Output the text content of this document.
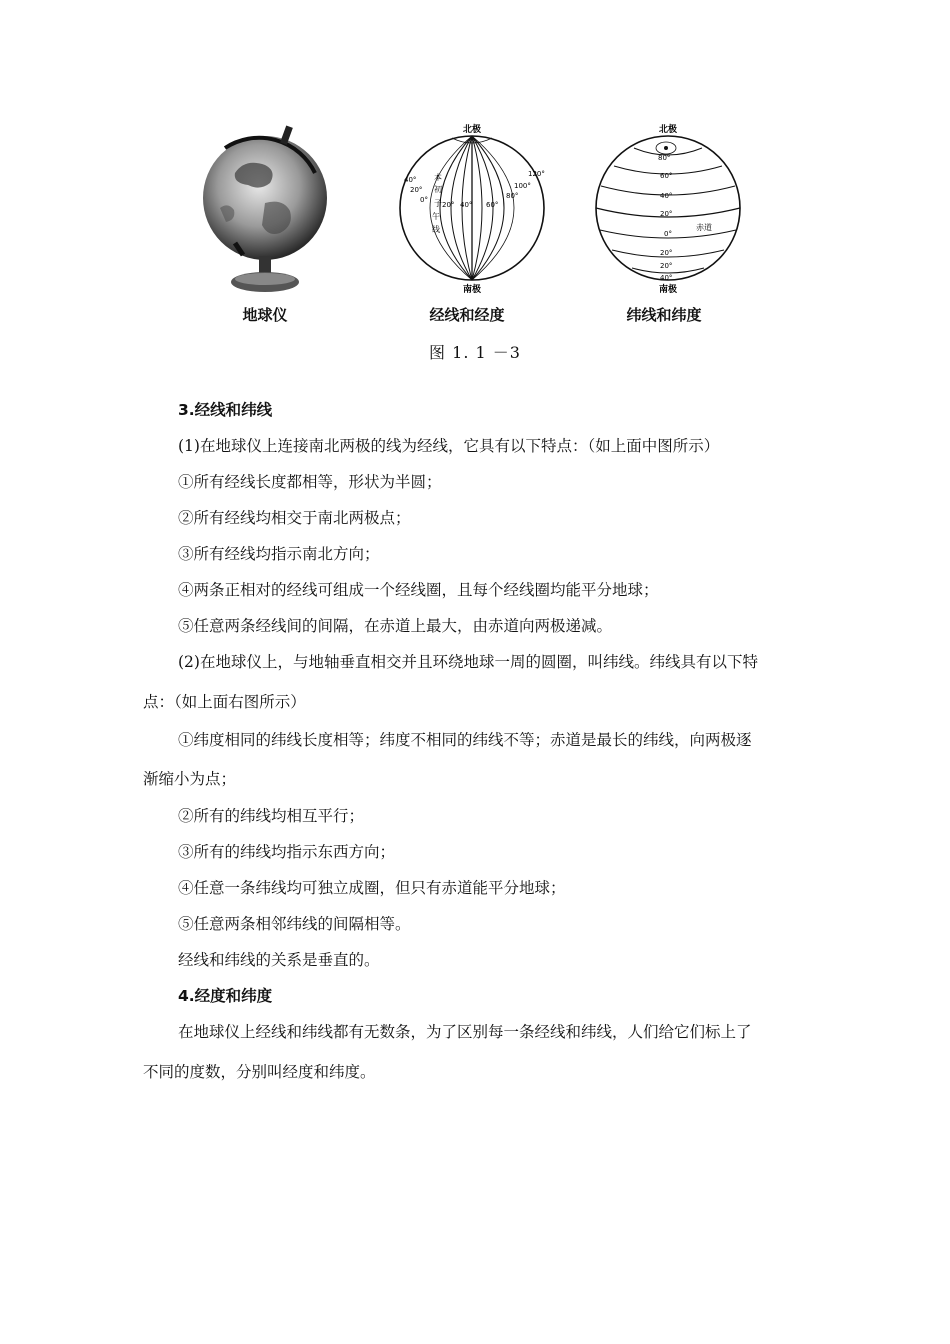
北极
40°
20°
0°
本
初
子
午
线
20° 40° 60°
80°
100°
120°
南极
北极
80°
60°
40°
20°
0°
20°
20°
40°
赤道
南极
地球仪	经线和经度	纬线和纬度
图 1. 1 －3
3.经线和纬线
(1)在地球仪上连接南北两极的线为经线，它具有以下特点：（如上面中图所示）
①所有经线长度都相等，形状为半圆；
②所有经线均相交于南北两极点；
③所有经线均指示南北方向；
④两条正相对的经线可组成一个经线圈，且每个经线圈均能平分地球；
⑤任意两条经线间的间隔，在赤道上最大，由赤道向两极递减。
(2)在地球仪上，与地轴垂直相交并且环绕地球一周的圆圈，叫纬线。纬线具有以下特
点：（如上面右图所示）
①纬度相同的纬线长度相等；纬度不相同的纬线不等；赤道是最长的纬线，向两极逐
渐缩小为点；
②所有的纬线均相互平行；
③所有的纬线均指示东西方向；
④任意一条纬线均可独立成圈，但只有赤道能平分地球；
⑤任意两条相邻纬线的间隔相等。
经线和纬线的关系是垂直的。
4.经度和纬度
在地球仪上经线和纬线都有无数条，为了区别每一条经线和纬线，人们给它们标上了
不同的度数，分别叫经度和纬度。
